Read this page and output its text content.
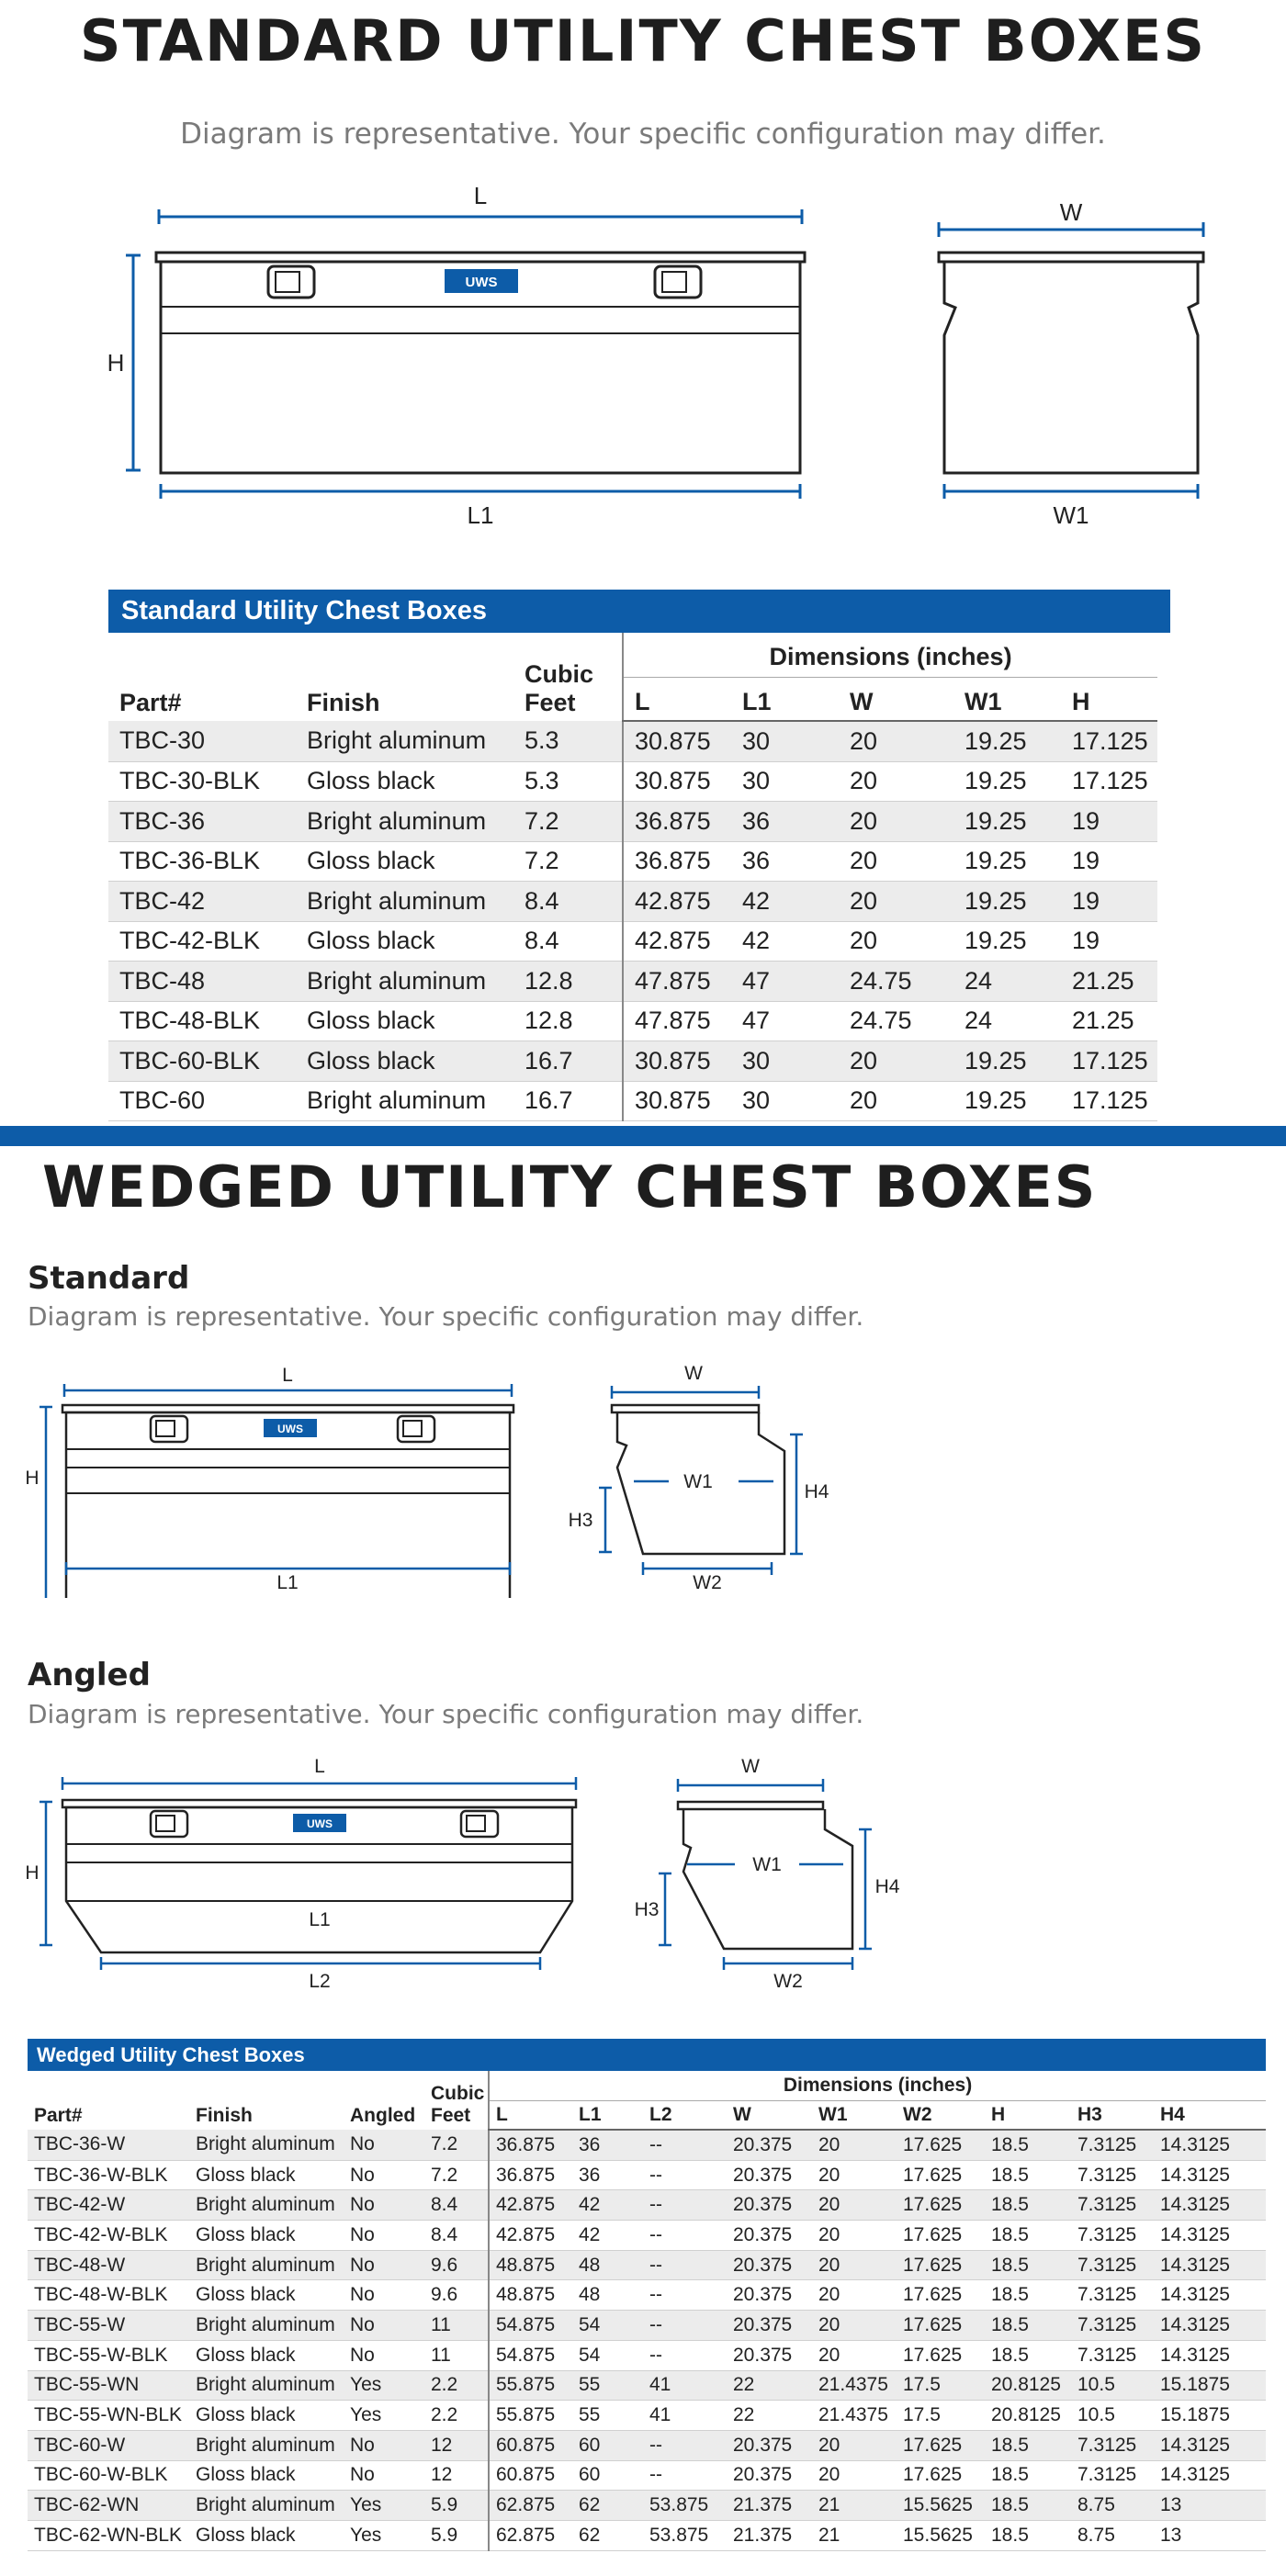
STANDARD UTILITY CHEST BOXES
Diagram is representative. Your specific configuration may differ.
L
UWS
H
L1
W
W1
Standard Utility Chest Boxes
Part#	Finish	Cubic Feet	Dimensions (inches)				
			L	L1	W	W1	H
TBC-30	Bright aluminum	5.3	30.875	30	20	19.25	17.125
TBC-30-BLK	Gloss black	5.3	30.875	30	20	19.25	17.125
TBC-36	Bright aluminum	7.2	36.875	36	20	19.25	19
TBC-36-BLK	Gloss black	7.2	36.875	36	20	19.25	19
TBC-42	Bright aluminum	8.4	42.875	42	20	19.25	19
TBC-42-BLK	Gloss black	8.4	42.875	42	20	19.25	19
TBC-48	Bright aluminum	12.8	47.875	47	24.75	24	21.25
TBC-48-BLK	Gloss black	12.8	47.875	47	24.75	24	21.25
TBC-60-BLK	Gloss black	16.7	30.875	30	20	19.25	17.125
TBC-60	Bright aluminum	16.7	30.875	30	20	19.25	17.125
WEDGED UTILITY CHEST BOXES
Standard
Diagram is representative. Your specific configuration may differ.
L
UWS
H
L1
W
W1
H3
H4
W2
Angled
Diagram is representative. Your specific configuration may differ.
L
UWS
H
L1
L2
W
W1
H3
H4
W2
Wedged Utility Chest Boxes
Part#	Finish	Angled	Cubic Feet	Dimensions (inches)								
				L	L1	L2	W	W1	W2	H	H3	H4
TBC-36-W	Bright aluminum	No	7.2	36.875	36	--	20.375	20	17.625	18.5	7.3125	14.3125
TBC-36-W-BLK	Gloss black	No	7.2	36.875	36	--	20.375	20	17.625	18.5	7.3125	14.3125
TBC-42-W	Bright aluminum	No	8.4	42.875	42	--	20.375	20	17.625	18.5	7.3125	14.3125
TBC-42-W-BLK	Gloss black	No	8.4	42.875	42	--	20.375	20	17.625	18.5	7.3125	14.3125
TBC-48-W	Bright aluminum	No	9.6	48.875	48	--	20.375	20	17.625	18.5	7.3125	14.3125
TBC-48-W-BLK	Gloss black	No	9.6	48.875	48	--	20.375	20	17.625	18.5	7.3125	14.3125
TBC-55-W	Bright aluminum	No	11	54.875	54	--	20.375	20	17.625	18.5	7.3125	14.3125
TBC-55-W-BLK	Gloss black	No	11	54.875	54	--	20.375	20	17.625	18.5	7.3125	14.3125
TBC-55-WN	Bright aluminum	Yes	2.2	55.875	55	41	22	21.4375	17.5	20.8125	10.5	15.1875
TBC-55-WN-BLK	Gloss black	Yes	2.2	55.875	55	41	22	21.4375	17.5	20.8125	10.5	15.1875
TBC-60-W	Bright aluminum	No	12	60.875	60	--	20.375	20	17.625	18.5	7.3125	14.3125
TBC-60-W-BLK	Gloss black	No	12	60.875	60	--	20.375	20	17.625	18.5	7.3125	14.3125
TBC-62-WN	Bright aluminum	Yes	5.9	62.875	62	53.875	21.375	21	15.5625	18.5	8.75	13
TBC-62-WN-BLK	Gloss black	Yes	5.9	62.875	62	53.875	21.375	21	15.5625	18.5	8.75	13
